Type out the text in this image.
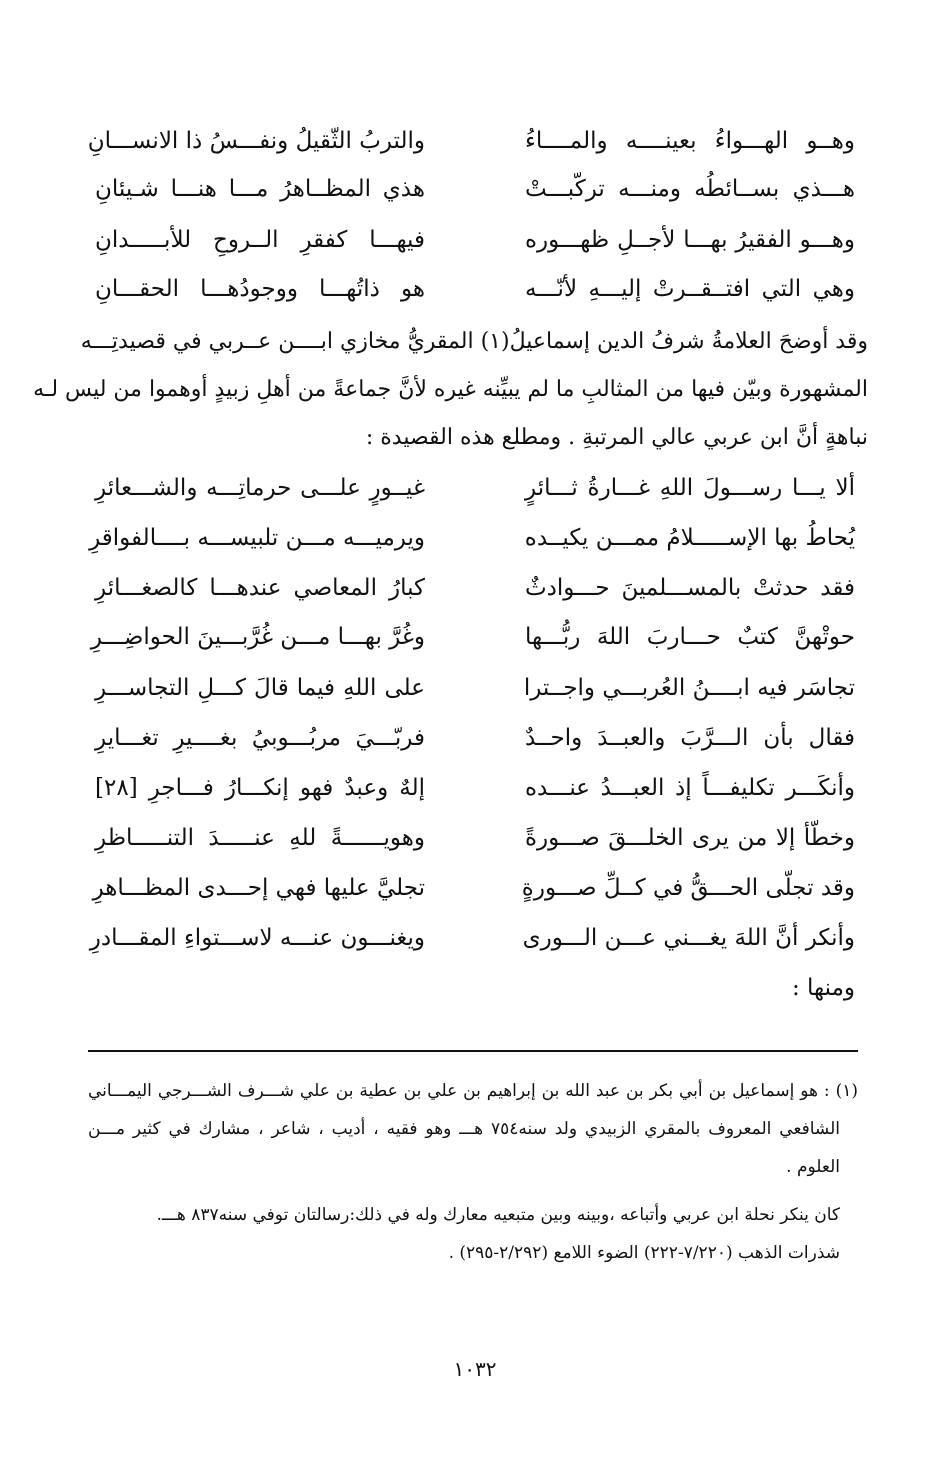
وهــو الهـــواءُ بعينــــه والمــــاءُ
والتربُ الثّقيلُ ونفـــسُ ذا الانســـانِ
هـــذي بســائطُه ومنـــه تركّبـــتْ
هذي المظــاهرُ مـــا هنـــا شـيئانِ
وهـــو الفقيرُ بهـــا لأجــلِ ظهـــوره
فيهـــا كفقرِ الــروحِ للأبـــــدانِ
وهي التي افتــقــرتْ إليـــهِ لأنّـــه
هو ذاتُهـــا ووجودُهـــا الحقـــانِ
وقد أوضحَ العلامةُ شرفُ الدين إسماعيلُ(١) المقريُّ مخازي ابــــن عــربي في قصيدتِـــه
المشهورة وبيّن فيها من المثالبِ ما لم يبيِّنه غيره لأنَّ جماعةً من أهلِ زبيدٍ أوهموا من ليس لـه
نباهةٍ أنَّ ابن عربي عالي المرتبةِ . ومطلع هذه القصيدة :
ألا يـــا رســـولَ اللهِ غـــارةُ ثـــائرٍ
غيــورٍ علـــى حرماتِـــه والشـــعائرِ
يُحاطُ بها الإســـــلامُ ممـــن يكيــده
ويرميـــه مـــن تلبيســـه بــــالفواقرِ
فقد حدثتْ بالمســـلمينَ حـــوادثٌ
كبارُ المعاصي عندهـــا كالصغـــائرِ
حوتْهنَّ كتبٌ حـــاربَ اللهَ ربُّـــها
وغُرَّ بهـــا مـــن غُرَّبـــينَ الحواضِـــرِ
تجاسَر فيه ابــــنُ العُربـــي واجــترا
على اللهِ فيما قالَ كـــلِ التجاســـرِ
فقال بأن الـــرَّبَ والعبــدَ واحــدٌ
فربّـــيَ مربُـــوبيُ بغــــيرِ تغـــايرِ
وأنكَـــر تكليفـــاً إذ العبـــدُ عنـــده
إلهٌ وعبدٌ فهو إنكـــارُ فـــاجرِ [٢٨]
وخطّأ إلا من يرى الخلـــقَ صـــورةً
وهويــــــةً للهِ عنـــــدَ التنـــــاظرِ
وقد تجلّى الحـــقُّ في كــلِّ صـــورةٍ
تجليَّ عليها فهي إحـــدى المظـــاهرِ
وأنكر أنَّ اللهَ يغـــني عـــن الـــورى
ويغنـــون عنـــه لاســـتواءِ المقـــادرِ
ومنها :
(١) : هو إسماعيل بن أبي بكر بن عبد الله بن إبراهيم بن علي بن عطية بن علي شـــرف الشـــرجي اليمـــاني
الشافعي المعروف بالمقري الزبيدي ولد سنه٧٥٤ هـــ وهو فقيه ، أديب ، شاعر ، مشارك في كثير مـــن
العلوم .
كان ينكر نحلة ابن عربي وأتباعه ،وبينه وبين متبعيه معارك وله في ذلك:رسالتان توفي سنه٨٣٧ هـــ.
شذرات الذهب (٧/٢٢٠-٢٢٢) الضوء اللامع (٢/٢٩٢-٢٩٥) .
١٠٣٢
